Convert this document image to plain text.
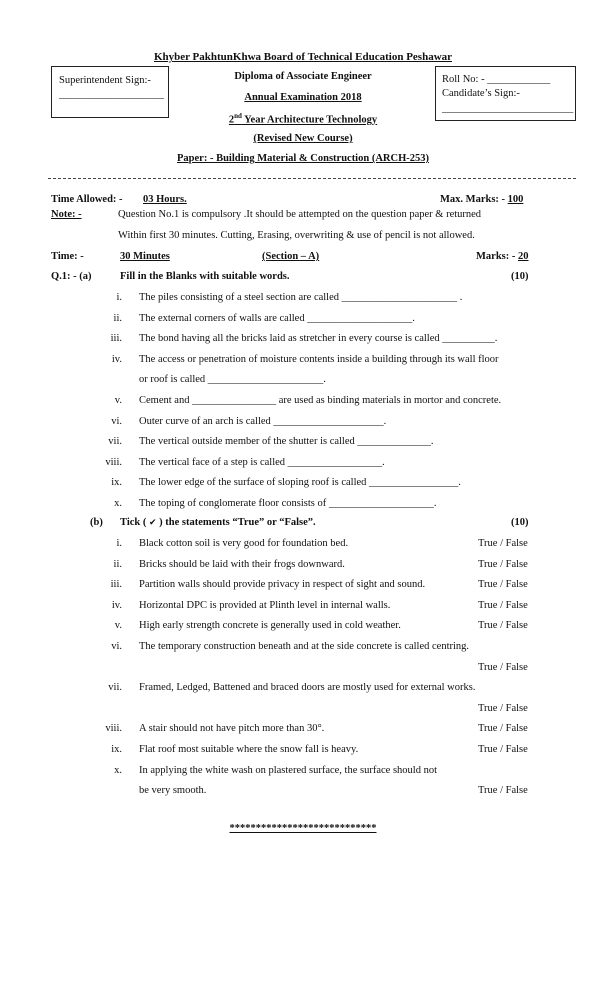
Khyber PakhtunKhwa Board of Technical Education Peshawar
Superintendent Sign:-
____________________
Diploma of Associate Engineer
Annual Examination 2018
2nd Year Architecture Technology
(Revised New Course)
Paper: - Building Material & Construction (ARCH-253)
Roll No: - ____________
Candidate’s Sign:-
_________________________
Time Allowed: - 03 Hours.	Max. Marks: - 100
Note: -	Question No.1 is compulsory .It should be attempted on the question paper & returned
Within first 30 minutes. Cutting, Erasing, overwriting & use of pencil is not allowed.
Time: -	30 Minutes	(Section – A)	Marks: - 20
Q.1: - (a)	Fill in the Blanks with suitable words.	(10)
i. The piles consisting of a steel section are called ______________________ .
ii. The external corners of walls are called ____________________.
iii. The bond having all the bricks laid as stretcher in every course is called __________.
iv. The access or penetration of moisture contents inside a building through its wall floor
or roof is called ______________________.
v. Cement and ________________ are used as binding materials in mortor and concrete.
vi. Outer curve of an arch is called _____________________.
vii. The vertical outside member of the shutter is called ______________.
viii. The vertical face of a step is called __________________.
ix. The lower edge of the surface of sloping roof is called _________________.
x. The toping of conglomerate floor consists of ____________________.
(b) Tick ( ✔ ) the statements “True” or “False”.	(10)
i. Black cotton soil is very good for foundation bed.	True / False
ii. Bricks should be laid with their frogs downward.	True / False
iii. Partition walls should provide privacy in respect of sight and sound.	True / False
iv. Horizontal DPC is provided at Plinth level in internal walls.	True / False
v. High early strength concrete is generally used in cold weather.	True / False
vi. The temporary construction beneath and at the side concrete is called centring.
True / False
vii. Framed, Ledged, Battened and braced doors are mostly used for external works.
True / False
viii. A stair should not have pitch more than 30°.	True / False
ix. Flat roof most suitable where the snow fall is heavy.	True / False
x. In applying the white wash on plastered surface, the surface should not
be very smooth.	True / False
****************************
